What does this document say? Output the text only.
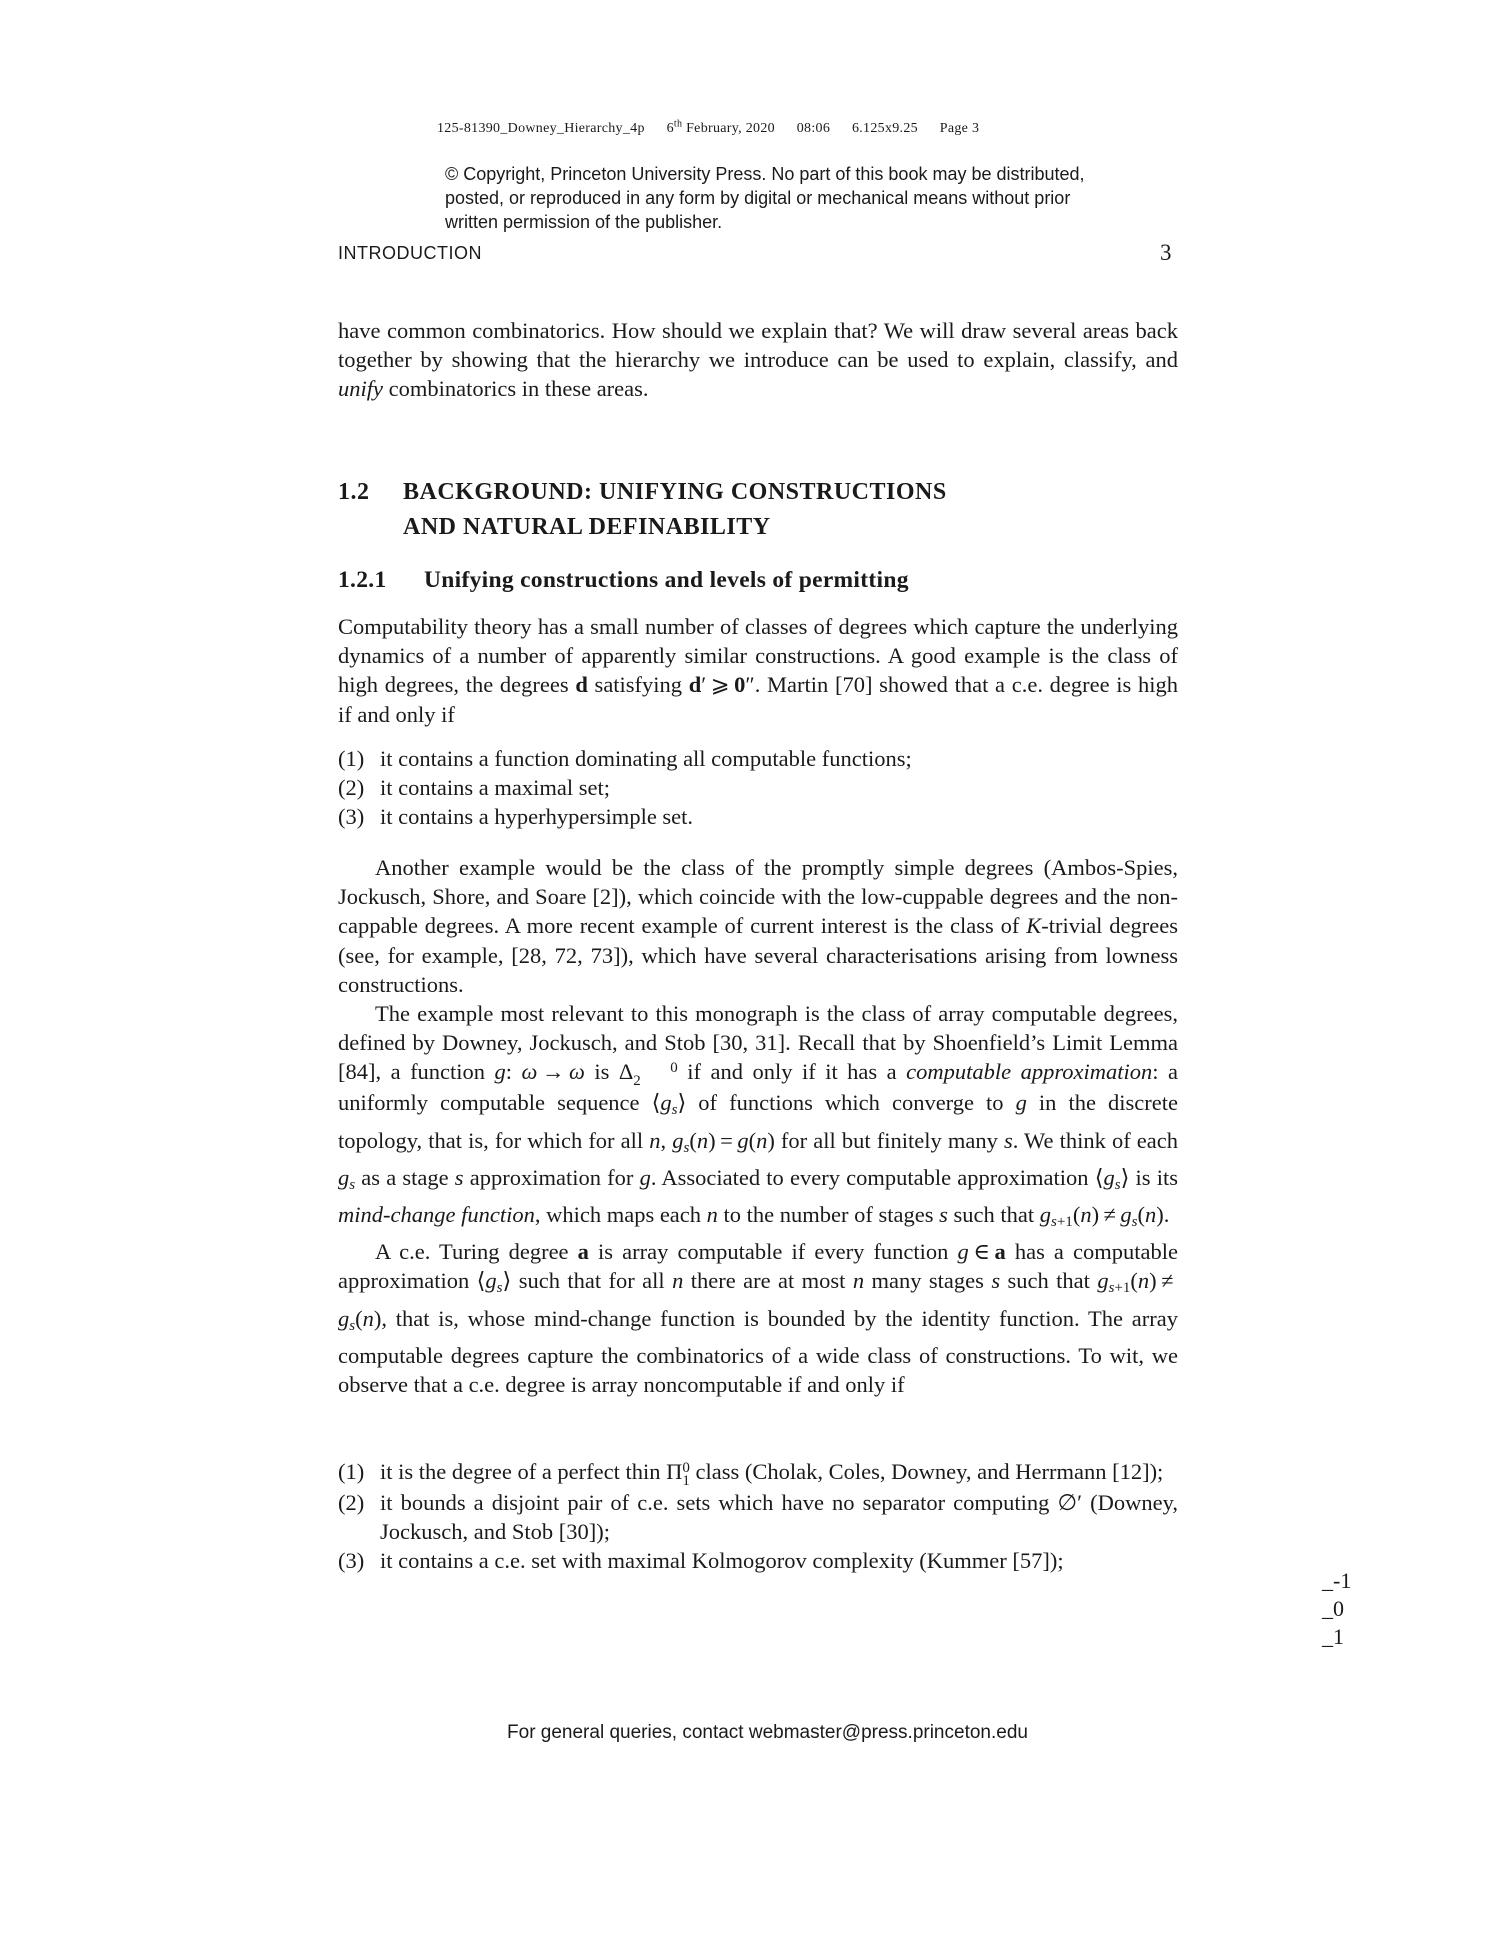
125-81390_Downey_Hierarchy_4p 6th February, 2020 08:06 6.125x9.25 Page 3
© Copyright, Princeton University Press. No part of this book may be distributed, posted, or reproduced in any form by digital or mechanical means without prior written permission of the publisher.
INTRODUCTION	3

have common combinatorics. How should we explain that? We will draw several areas back together by showing that the hierarchy we introduce can be used to explain, classify, and unify combinatorics in these areas.

1.2 BACKGROUND: UNIFYING CONSTRUCTIONS
AND NATURAL DEFINABILITY
1.2.1 Unifying constructions and levels of permitting

Computability theory has a small number of classes of degrees which capture the underlying dynamics of a number of apparently similar constructions. A good example is the class of high degrees, the degrees d satisfying d′ ⩾ 0″. Martin [70] showed that a c.e. degree is high if and only if

(1) it contains a function dominating all computable functions;
(2) it contains a maximal set;
(3) it contains a hyperhypersimple set.

Another example would be the class of the promptly simple degrees (Ambos-Spies, Jockusch, Shore, and Soare [2]), which coincide with the low-cuppable degrees and the non-cappable degrees. A more recent example of current interest is the class of K-trivial degrees (see, for example, [28, 72, 73]), which have several characterisations arising from lowness constructions.

The example most relevant to this monograph is the class of array computable degrees, defined by Downey, Jockusch, and Stob [30, 31]. Recall that by Shoenfield’s Limit Lemma [84], a function g: ω → ω is Δ 0
2 if and only if it has a computable approximation: a uniformly computable sequence $⟨g_s⟩$ of functions which converge to g in the discrete topology, that is, for which for all n, $g_s(n) = g(n)$ for all but finitely many s. We think of each $g_s$ as a stage s approximation for g. Associated to every computable approximation $⟨g_s⟩$ is its mind-change function, which maps each n to the number of stages s such that $g_{s+1}(n) \ne g_s(n)$.

A c.e. Turing degree a is array computable if every function g ∈ a has a computable approximation $⟨g_s⟩$ such that for all n there are at most n many stages s such that $g_{s+1}(n) \ne g_s(n)$, that is, whose mind-change function is bounded by the identity function. The array computable degrees capture the combinatorics of a wide class of constructions. To wit, we observe that a c.e. degree is array noncomputable if and only if

(1) it is the degree of a perfect thin Π0
1 class (Cholak, Coles, Downey, and Herrmann [12]);
(2) it bounds a disjoint pair of c.e. sets which have no separator computing ∅′ (Downey, Jockusch, and Stob [30]);
(3) it contains a c.e. set with maximal Kolmogorov complexity (Kummer [57]);
_-1
_0
_1
For general queries, contact webmaster@press.princeton.edu
